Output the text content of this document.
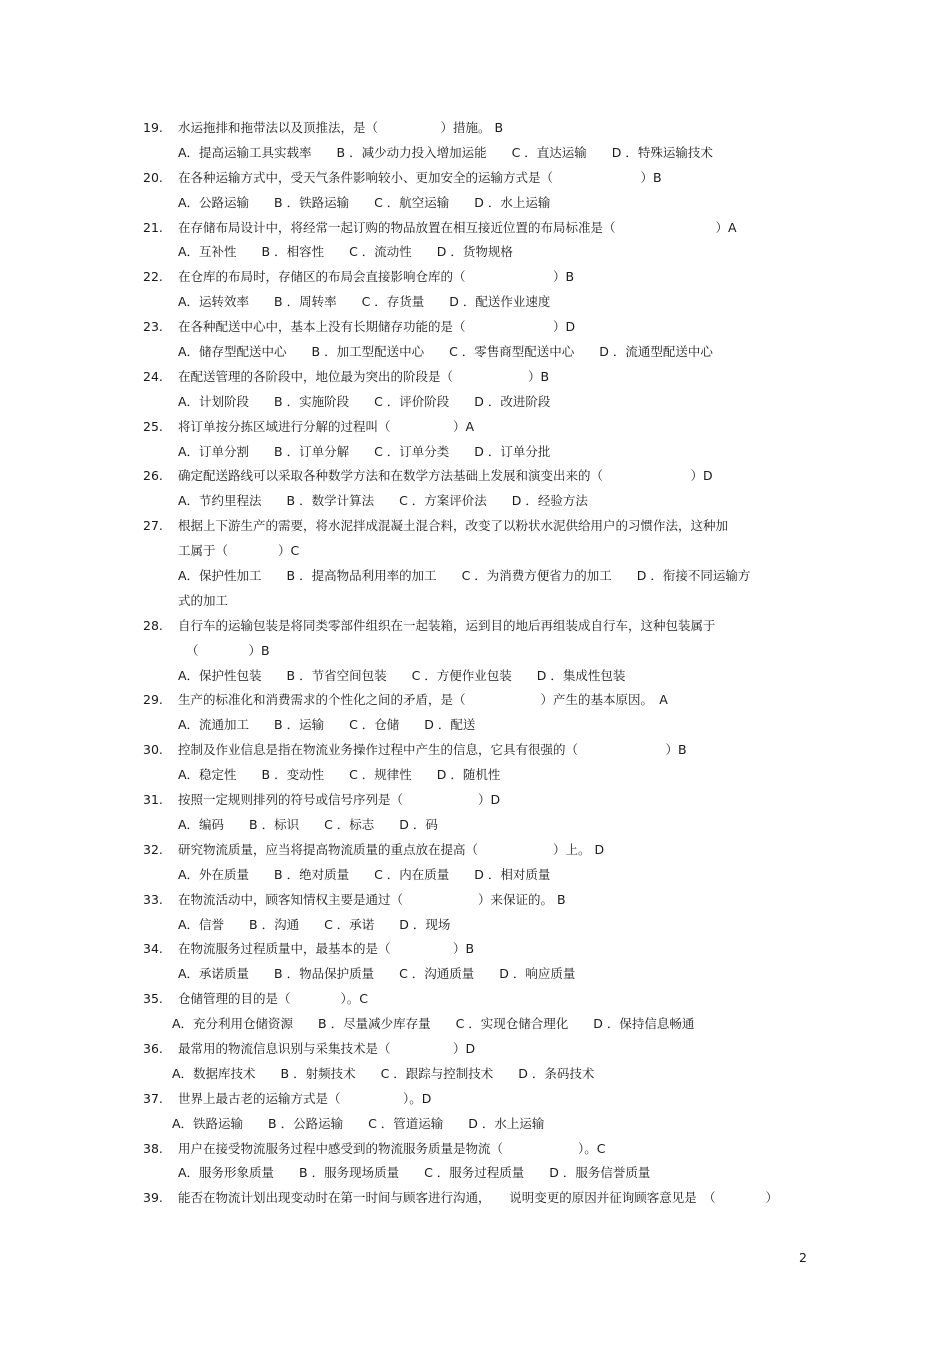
19.	水运拖排和拖带法以及顶推法，是（　　　　　）措施。 B
A．提高运输工具实载率　　B ．减少动力投入增加运能　　C ．直达运输　　D ．特殊运输技术
20.	在各种运输方式中，受天气条件影响较小、更加安全的运输方式是（　　　　　　　）B
A．公路运输　　B ．铁路运输　　C ．航空运输　　D ．水上运输
21.	在存储布局设计中，将经常一起订购的物品放置在相互接近位置的布局标准是（　　　　　　　　）A
A．互补性　　B ．相容性　　C ．流动性　　D ．货物规格
22.	在仓库的布局时，存储区的布局会直接影响仓库的（　　　　　　　）B
A．运转效率　　B ．周转率　　C ．存货量　　D ．配送作业速度
23.	在各种配送中心中，基本上没有长期储存功能的是（　　　　　　　）D
A．储存型配送中心　　B ．加工型配送中心　　C ．零售商型配送中心　　D ．流通型配送中心
24.	在配送管理的各阶段中，地位最为突出的阶段是（　　　　　　）B
A．计划阶段　　B ．实施阶段　　C ．评价阶段　　D ．改进阶段
25.	将订单按分拣区域进行分解的过程叫（　　　　　）A
A．订单分割　　B ．订单分解　　C ．订单分类　　D ．订单分批
26.	确定配送路线可以采取各种数学方法和在数学方法基础上发展和演变出来的（　　　　　　　）D
A．节约里程法　　B ．数学计算法　　C ．方案评价法　　D ．经验方法
27.	根据上下游生产的需要，将水泥拌成混凝土混合料，改变了以粉状水泥供给用户的习惯作法，这种加
工属于（　　　　）C
A．保护性加工　　B ．提高物品利用率的加工　　C ．为消费方便省力的加工　　D ．衔接不同运输方
式的加工
28.	自行车的运输包装是将同类零部件组织在一起装箱，运到目的地后再组装成自行车，这种包装属于
（　　　　）B
A．保护性包装　　B ．节省空间包装　　C ．方便作业包装　　D ．集成性包装
29.	生产的标准化和消费需求的个性化之间的矛盾，是（　　　　　　）产生的基本原因。　A
A．流通加工　　B ．运输　　C ．仓储　　D ．配送
30.	控制及作业信息是指在物流业务操作过程中产生的信息，它具有很强的（　　　　　　　）B
A．稳定性　　B ．变动性　　C ．规律性　　D ．随机性
31.	按照一定规则排列的符号或信号序列是（　　　　　　）D
A．编码　　B ．标识　　C ．标志　　D ．码
32.	研究物流质量，应当将提高物流质量的重点放在提高（　　　　　　）上。 D
A．外在质量　　B ．绝对质量　　C ．内在质量　　D ．相对质量
33.	在物流活动中，顾客知情权主要是通过（　　　　　　）来保证的。 B
A．信誉　　B ．沟通　　C ．承诺　　D ．现场
34.	在物流服务过程质量中，最基本的是（　　　　　）B
A．承诺质量　　B ．物品保护质量　　C ．沟通质量　　D ．响应质量
35.	仓储管理的目的是（　　　　）。C
A．充分利用仓储资源　　B ．尽量减少库存量　　C ．实现仓储合理化　　D ．保持信息畅通
36.	最常用的物流信息识别与采集技术是（　　　　　）D
A．数据库技术　　B ．射频技术　　C ．跟踪与控制技术　　D ．条码技术
37.	世界上最古老的运输方式是（　　　　　）。D
A．铁路运输　　B ．公路运输　　C ．管道运输　　D ．水上运输
38.	用户在接受物流服务过程中感受到的物流服务质量是物流（　　　　　　）。C
A．服务形象质量　　B ．服务现场质量　　C ．服务过程质量　　D ．服务信誉质量
39.	能否在物流计划出现变动时在第一时间与顾客进行沟通，　　说明变更的原因并征询顾客意见是　（　　　　）
2
